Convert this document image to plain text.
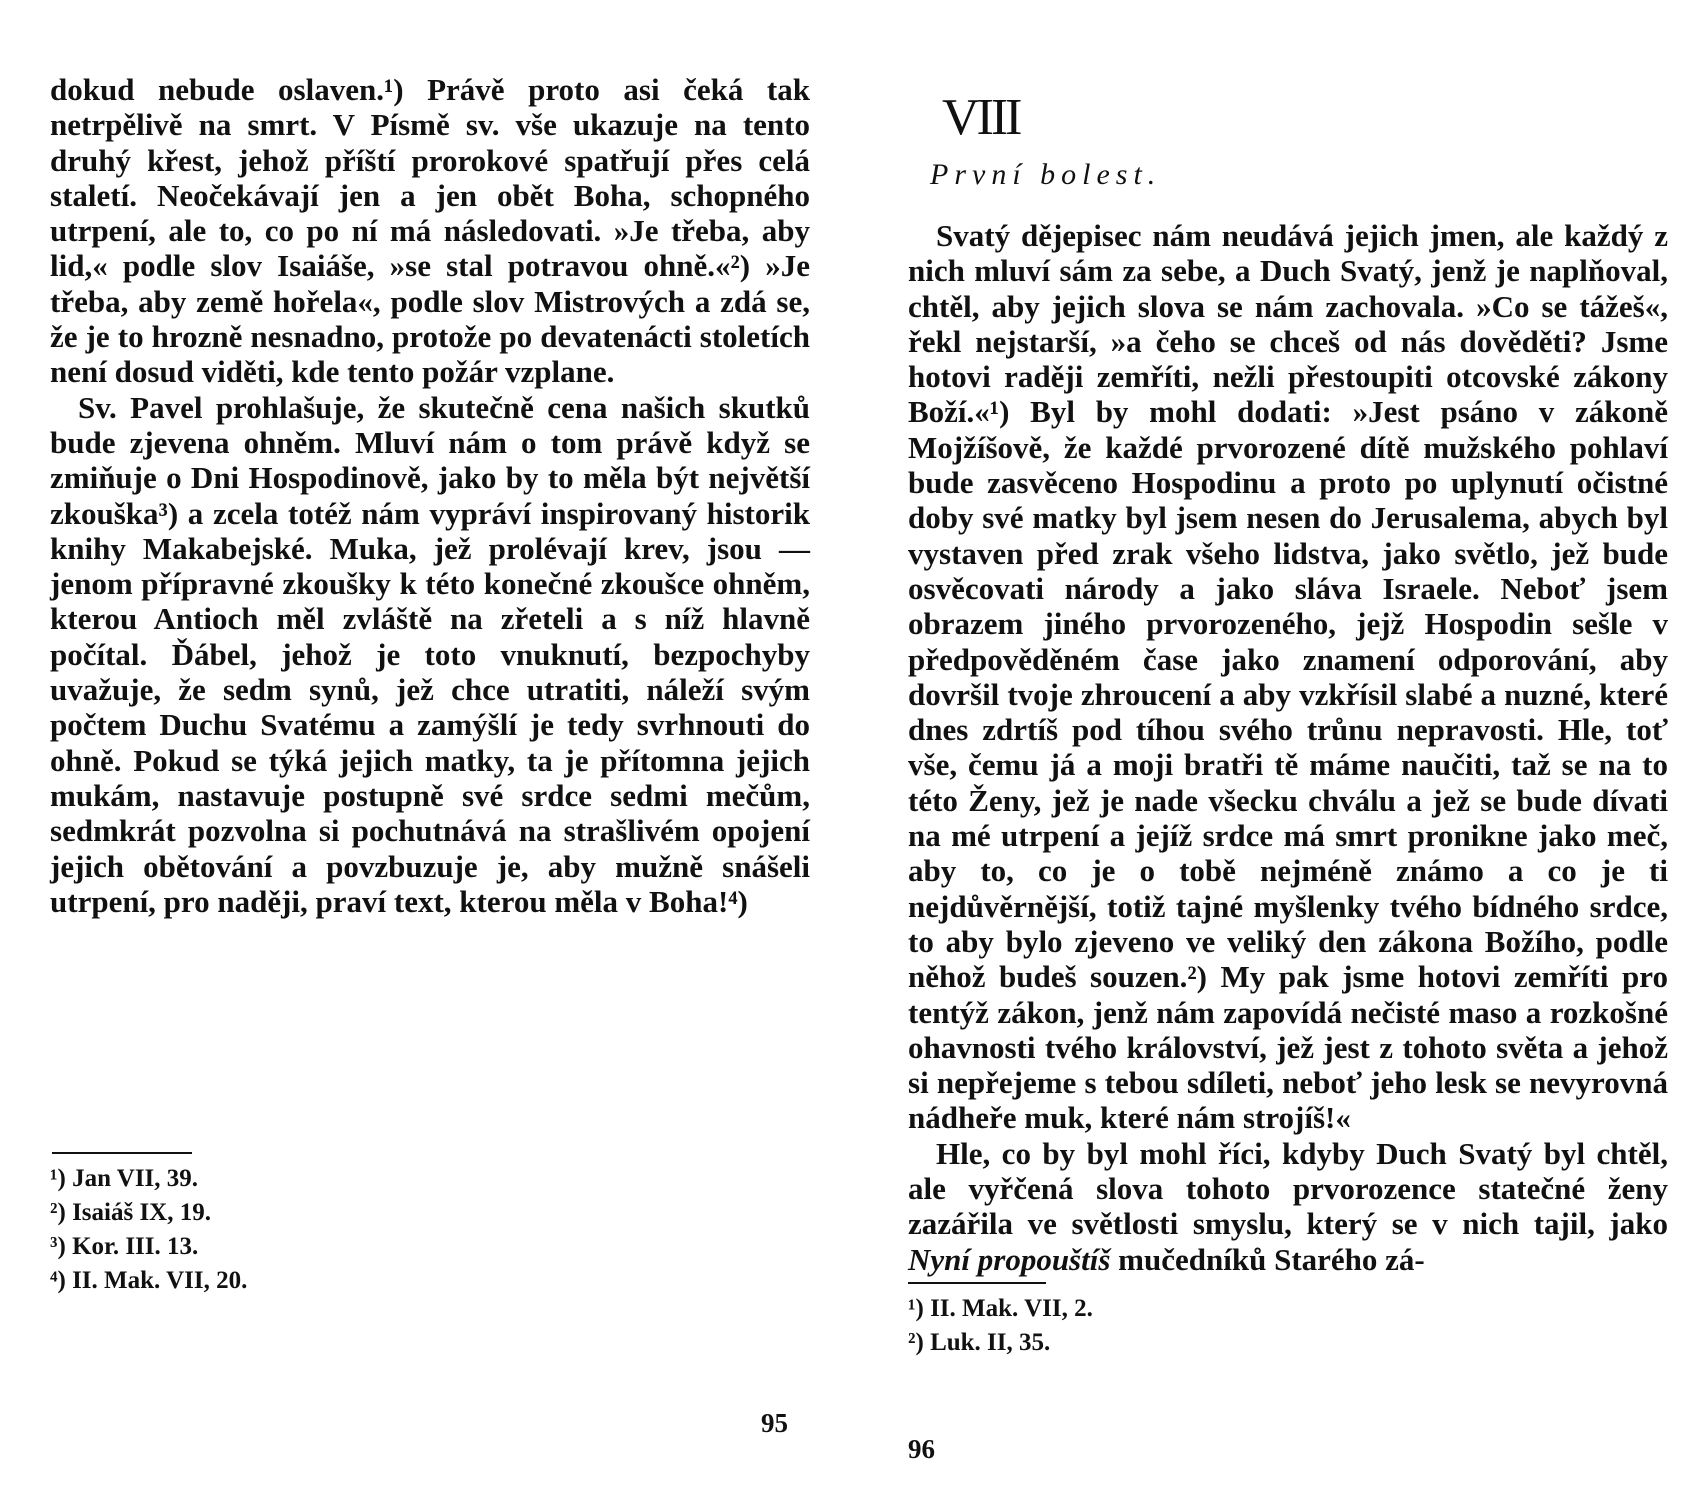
dokud nebude oslaven.¹) Právě proto asi čeká tak netrpělivě na smrt. V Písmě sv. vše ukazuje na tento druhý křest, jehož příští prorokové spatřují přes celá staletí. Neočekávají jen a jen obět Boha, schopného utrpení, ale to, co po ní má následovati. »Je třeba, aby lid,« podle slov Isaiáše, »se stal potravou ohně.«²) »Je třeba, aby země hořela«, podle slov Mistrových a zdá se, že je to hrozně nesnadno, protože po devatenácti stoletích není dosud viděti, kde tento požár vzplane.

Sv. Pavel prohlašuje, že skutečně cena našich skutků bude zjevena ohněm. Mluví nám o tom právě když se zmiňuje o Dni Hospodinově, jako by to měla být největší zkouška³) a zcela totéž nám vypráví inspirovaný historik knihy Makabejské. Muka, jež prolévají krev, jsou — jenom přípravné zkoušky k této konečné zkoušce ohněm, kterou Antioch měl zvláště na zřeteli a s níž hlavně počítal. Ďábel, jehož je toto vnuknutí, bezpochyby uvažuje, že sedm synů, jež chce utratiti, náleží svým počtem Duchu Svatému a zamýšlí je tedy svrhnouti do ohně. Pokud se týká jejich matky, ta je přítomna jejich mukám, nastavuje postupně své srdce sedmi mečům, sedmkrát pozvolna si pochutnává na strašlivém opojení jejich obětování a povzbuzuje je, aby mužně snášeli utrpení, pro naději, praví text, kterou měla v Boha!⁴)

¹) Jan VII, 39.

²) Isaiáš IX, 19.

³) Kor. III. 13.

⁴) II. Mak. VII, 20.

95
VIII
První bolest.

Svatý dějepisec nám neudává jejich jmen, ale každý z nich mluví sám za sebe, a Duch Svatý, jenž je naplňoval, chtěl, aby jejich slova se nám zachovala. »Co se tážeš«, řekl nejstarší, »a čeho se chceš od nás dověděti? Jsme hotovi raději zemříti, nežli přestoupiti otcovské zákony Boží.«¹) Byl by mohl dodati: »Jest psáno v zákoně Mojžíšově, že každé prvorozené dítě mužského pohlaví bude zasvěceno Hospodinu a proto po uplynutí očistné doby své matky byl jsem nesen do Jerusalema, abych byl vystaven před zrak všeho lidstva, jako světlo, jež bude osvěcovati národy a jako sláva Israele. Neboť jsem obrazem jiného prvorozeného, jejž Hospodin sešle v předpověděném čase jako znamení odporování, aby dovršil tvoje zhroucení a aby vzkřísil slabé a nuzné, které dnes zdrtíš pod tíhou svého trůnu nepravosti. Hle, toť vše, čemu já a moji bratři tě máme naučiti, taž se na to této Ženy, jež je nade všecku chválu a jež se bude dívati na mé utrpení a jejíž srdce má smrt pronikne jako meč, aby to, co je o tobě nejméně známo a co je ti nejdůvěrnější, totiž tajné myšlenky tvého bídného srdce, to aby bylo zjeveno ve veliký den zákona Božího, podle něhož budeš souzen.²) My pak jsme hotovi zemříti pro tentýž zákon, jenž nám zapovídá nečisté maso a rozkošné ohavnosti tvého království, jež jest z tohoto světa a jehož si nepřejeme s tebou sdíleti, neboť jeho lesk se nevyrovná nádheře muk, které nám strojíš!«

Hle, co by byl mohl říci, kdyby Duch Svatý byl chtěl, ale vyřčená slova tohoto prvorozence statečné ženy zazářila ve světlosti smyslu, který se v nich tajil, jako Nyní propouštíš mučedníků Starého zá-

¹) II. Mak. VII, 2.

²) Luk. II, 35.

96
